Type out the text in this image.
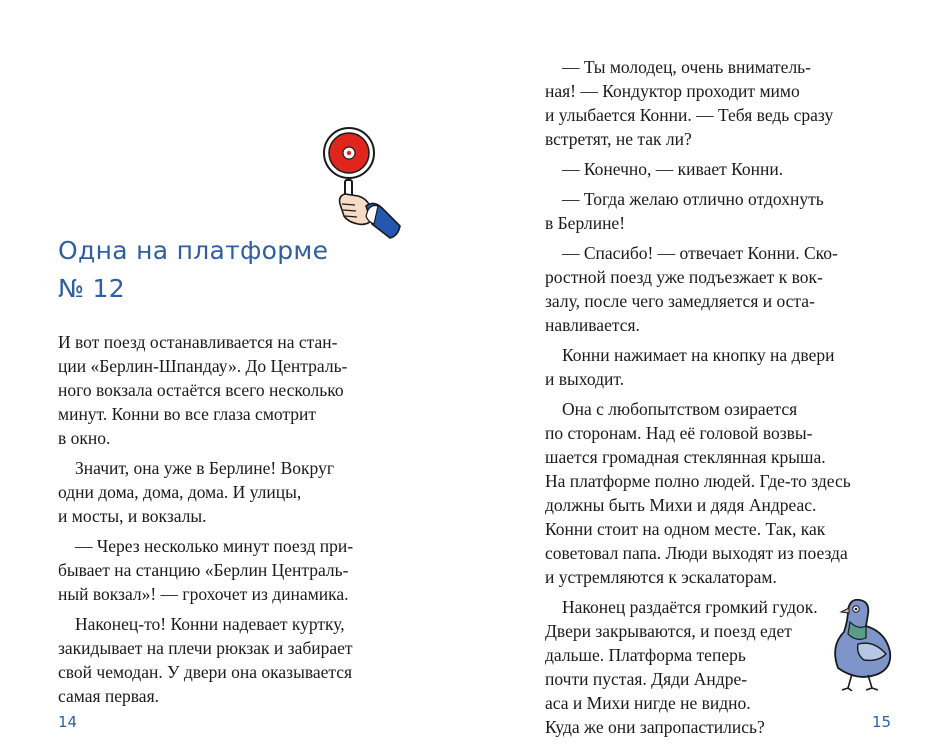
Одна на платформе
№ 12

И вот поезд останавливается на стан-
ции «Берлин-Шпандау». До Централь-
ного вокзала остаётся всего несколько
минут. Конни во все глаза смотрит
в окно.

Значит, она уже в Берлине! Вокруг
одни дома, дома, дома. И улицы,
и мосты, и вокзалы.

— Через несколько минут поезд при-
бывает на станцию «Берлин Централь-
ный вокзал»! — грохочет из динамика.

Наконец-то! Конни надевает куртку,
закидывает на плечи рюкзак и забирает
свой чемодан. У двери она оказывается
самая первая.

14

— Ты молодец, очень вниматель-
ная! — Кондуктор проходит мимо
и улыбается Конни. — Тебя ведь сразу
встретят, не так ли?

— Конечно, — кивает Конни.

— Тогда желаю отлично отдохнуть
в Берлине!

— Спасибо! — отвечает Конни. Ско-
ростной поезд уже подъезжает к вок-
залу, после чего замедляется и оста-
навливается.

Конни нажимает на кнопку на двери
и выходит.

Она с любопытством озирается
по сторонам. Над её головой возвы-
шается громадная стеклянная крыша.
На платформе полно людей. Где-то здесь
должны быть Михи и дядя Андреас.
Конни стоит на одном месте. Так, как
советовал папа. Люди выходят из поезда
и устремляются к эскалаторам.

Наконец раздаётся громкий гудок.
Двери закрываются, и поезд едет
дальше. Платформа теперь
почти пустая. Дяди Андре-
аса и Михи нигде не видно.
Куда же они запропастились?	15
